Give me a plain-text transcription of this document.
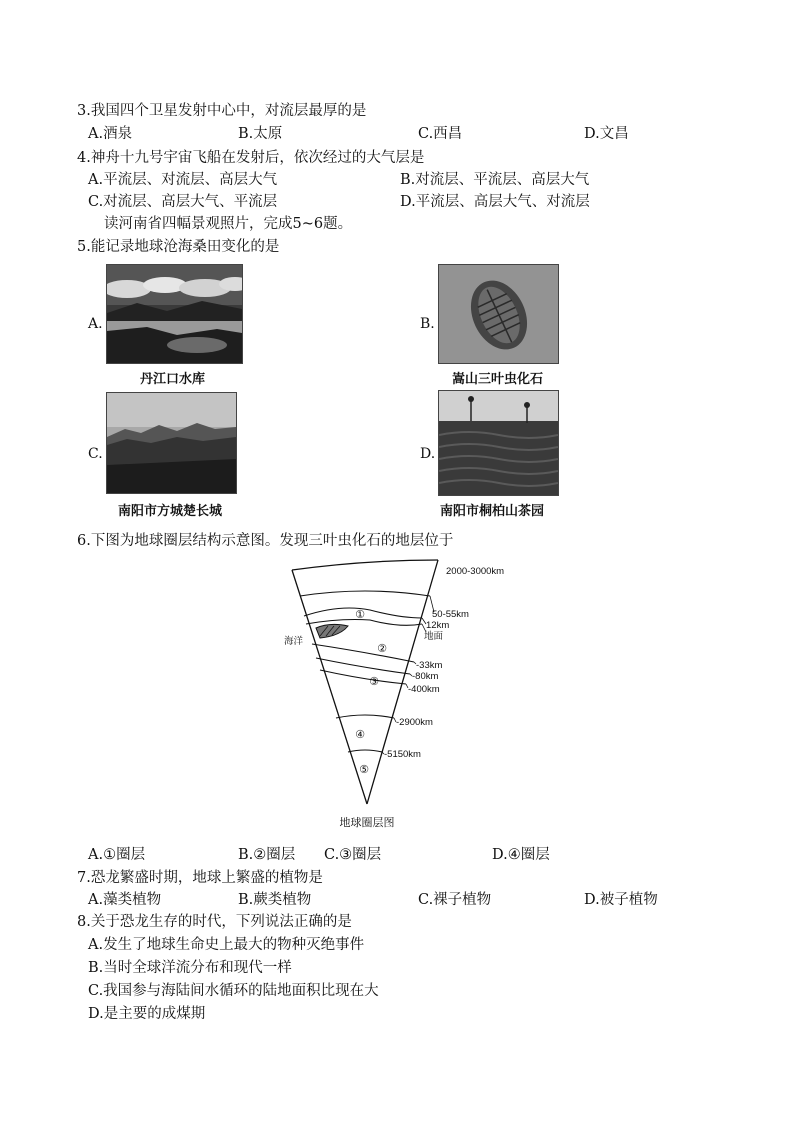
3.我国四个卫星发射中心中，对流层最厚的是
A.酒泉	B.太原	C.西昌	D.文昌
4.神舟十九号宇宙飞船在发射后，依次经过的大气层是
A.平流层、对流层、高层大气	B.对流层、平流层、高层大气
C.对流层、高层大气、平流层	D.平流层、高层大气、对流层
读河南省四幅景观照片，完成5~6题。
5.能记录地球沧海桑田变化的是
A.
丹江口水库
B.
嵩山三叶虫化石
C.
南阳市方城楚长城
D.
南阳市桐柏山茶园
6.下图为地球圈层结构示意图。发现三叶虫化石的地层位于
①
②
③
④
⑤
2000-3000km
50-55km
12km
地面
-33km
-80km
-400km
-2900km
-5150km
海洋
地球圈层图
A.①圈层	B.②圈层 C.③圈层	D.④圈层
7.恐龙繁盛时期，地球上繁盛的植物是
A.藻类植物	B.蕨类植物	C.裸子植物	D.被子植物
8.关于恐龙生存的时代，下列说法正确的是
A.发生了地球生命史上最大的物种灭绝事件
B.当时全球洋流分布和现代一样
C.我国参与海陆间水循环的陆地面积比现在大
D.是主要的成煤期
